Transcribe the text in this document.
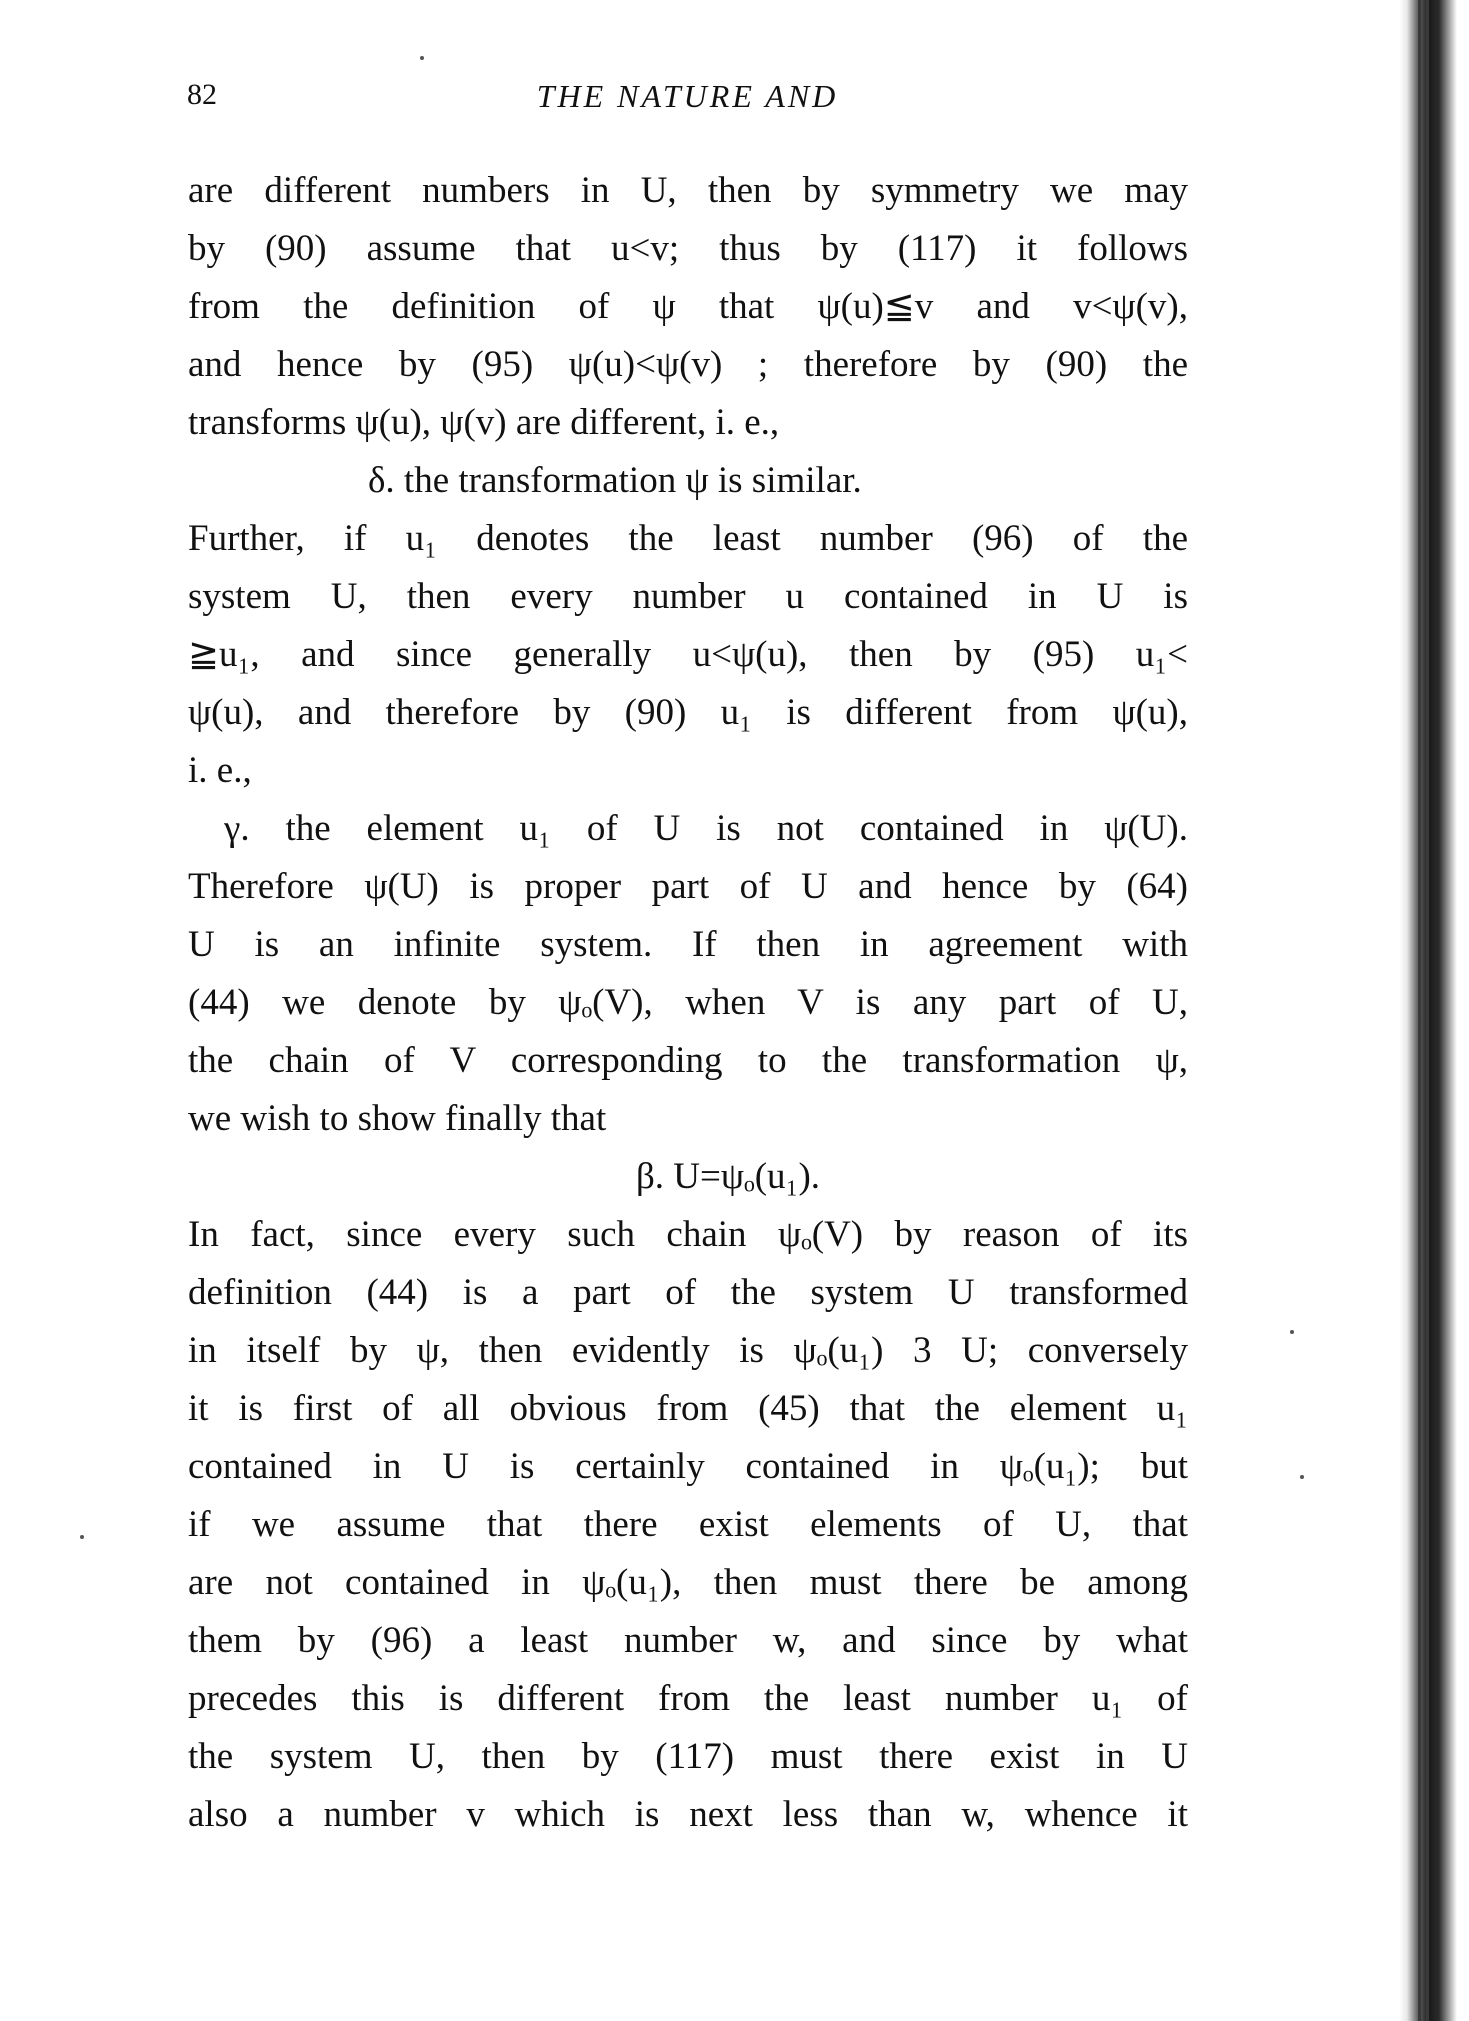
82	THE NATURE AND
are different numbers in U, then by symmetry we may
by (90) assume that u<v; thus by (117) it follows
from the definition of ψ that ψ(u)≦v and v<ψ(v),
and hence by (95) ψ(u)<ψ(v) ; therefore by (90) the
transforms ψ(u), ψ(v) are different, i. e.,
δ. the transformation ψ is similar.
Further, if u₁ denotes the least number (96) of the
system U, then every number u contained in U is
≧u₁, and since generally u<ψ(u), then by (95) u₁<
ψ(u), and therefore by (90) u₁ is different from ψ(u),
i. e.,
γ. the element u₁ of U is not contained in ψ(U).
Therefore ψ(U) is proper part of U and hence by (64)
U is an infinite system. If then in agreement with
(44) we denote by ψₒ(V), when V is any part of U,
the chain of V corresponding to the transformation ψ,
we wish to show finally that
β. U=ψₒ(u₁).
In fact, since every such chain ψₒ(V) by reason of its
definition (44) is a part of the system U transformed
in itself by ψ, then evidently is ψₒ(u₁) 3 U; conversely
it is first of all obvious from (45) that the element u₁
contained in U is certainly contained in ψₒ(u₁); but
if we assume that there exist elements of U, that
are not contained in ψₒ(u₁), then must there be among
them by (96) a least number w, and since by what
precedes this is different from the least number u₁ of
the system U, then by (117) must there exist in U
also a number v which is next less than w, whence it
